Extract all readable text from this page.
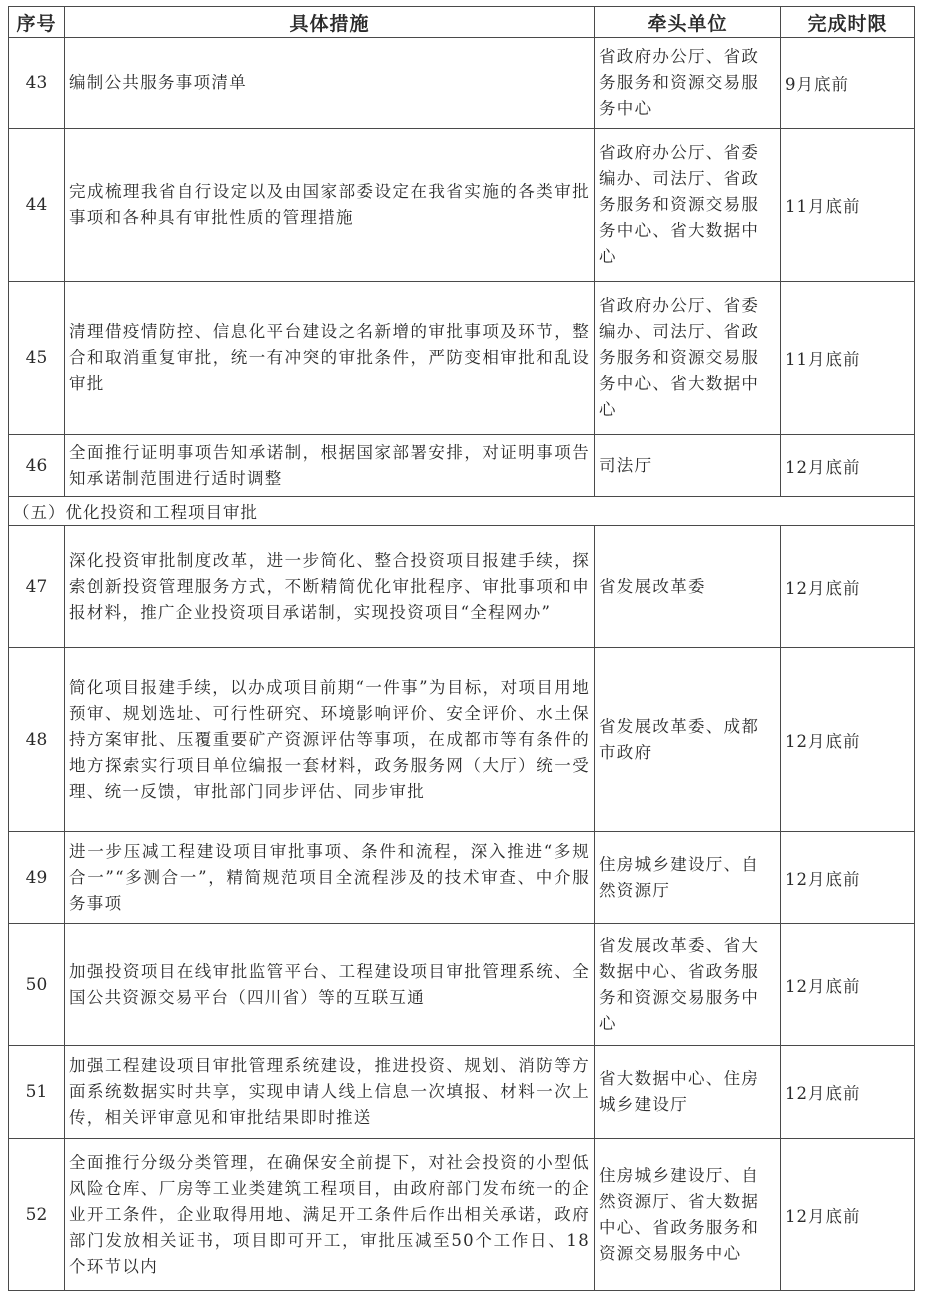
序号	具体措施	牵头单位	完成时限
43	编制公共服务事项清单	省政府办公厅、省政务服务和资源交易服务中心	9月底前
44	完成梳理我省自行设定以及由国家部委设定在我省实施的各类审批事项和各种具有审批性质的管理措施	省政府办公厅、省委编办、司法厅、省政务服务和资源交易服务中心、省大数据中心	11月底前
45	清理借疫情防控、信息化平台建设之名新增的审批事项及环节，整合和取消重复审批，统一有冲突的审批条件，严防变相审批和乱设审批	省政府办公厅、省委编办、司法厅、省政务服务和资源交易服务中心、省大数据中心	11月底前
46	全面推行证明事项告知承诺制，根据国家部署安排，对证明事项告知承诺制范围进行适时调整	司法厅	12月底前
（五）优化投资和工程项目审批			
47	深化投资审批制度改革，进一步简化、整合投资项目报建手续，探索创新投资管理服务方式，不断精简优化审批程序、审批事项和申报材料，推广企业投资项目承诺制，实现投资项目“全程网办”	省发展改革委	12月底前
48	简化项目报建手续，以办成项目前期“一件事”为目标，对项目用地预审、规划选址、可行性研究、环境影响评价、安全评价、水土保持方案审批、压覆重要矿产资源评估等事项，在成都市等有条件的地方探索实行项目单位编报一套材料，政务服务网（大厅）统一受理、统一反馈，审批部门同步评估、同步审批	省发展改革委、成都市政府	12月底前
49	进一步压减工程建设项目审批事项、条件和流程，深入推进“多规合一”“多测合一”，精简规范项目全流程涉及的技术审查、中介服务事项	住房城乡建设厅、自然资源厅	12月底前
50	加强投资项目在线审批监管平台、工程建设项目审批管理系统、全国公共资源交易平台（四川省）等的互联互通	省发展改革委、省大数据中心、省政务服务和资源交易服务中心	12月底前
51	加强工程建设项目审批管理系统建设，推进投资、规划、消防等方面系统数据实时共享，实现申请人线上信息一次填报、材料一次上传，相关评审意见和审批结果即时推送	省大数据中心、住房城乡建设厅	12月底前
52	全面推行分级分类管理，在确保安全前提下，对社会投资的小型低风险仓库、厂房等工业类建筑工程项目，由政府部门发布统一的企业开工条件，企业取得用地、满足开工条件后作出相关承诺，政府部门发放相关证书，项目即可开工，审批压减至50个工作日、18个环节以内	住房城乡建设厅、自然资源厅、省大数据中心、省政务服务和资源交易服务中心	12月底前
